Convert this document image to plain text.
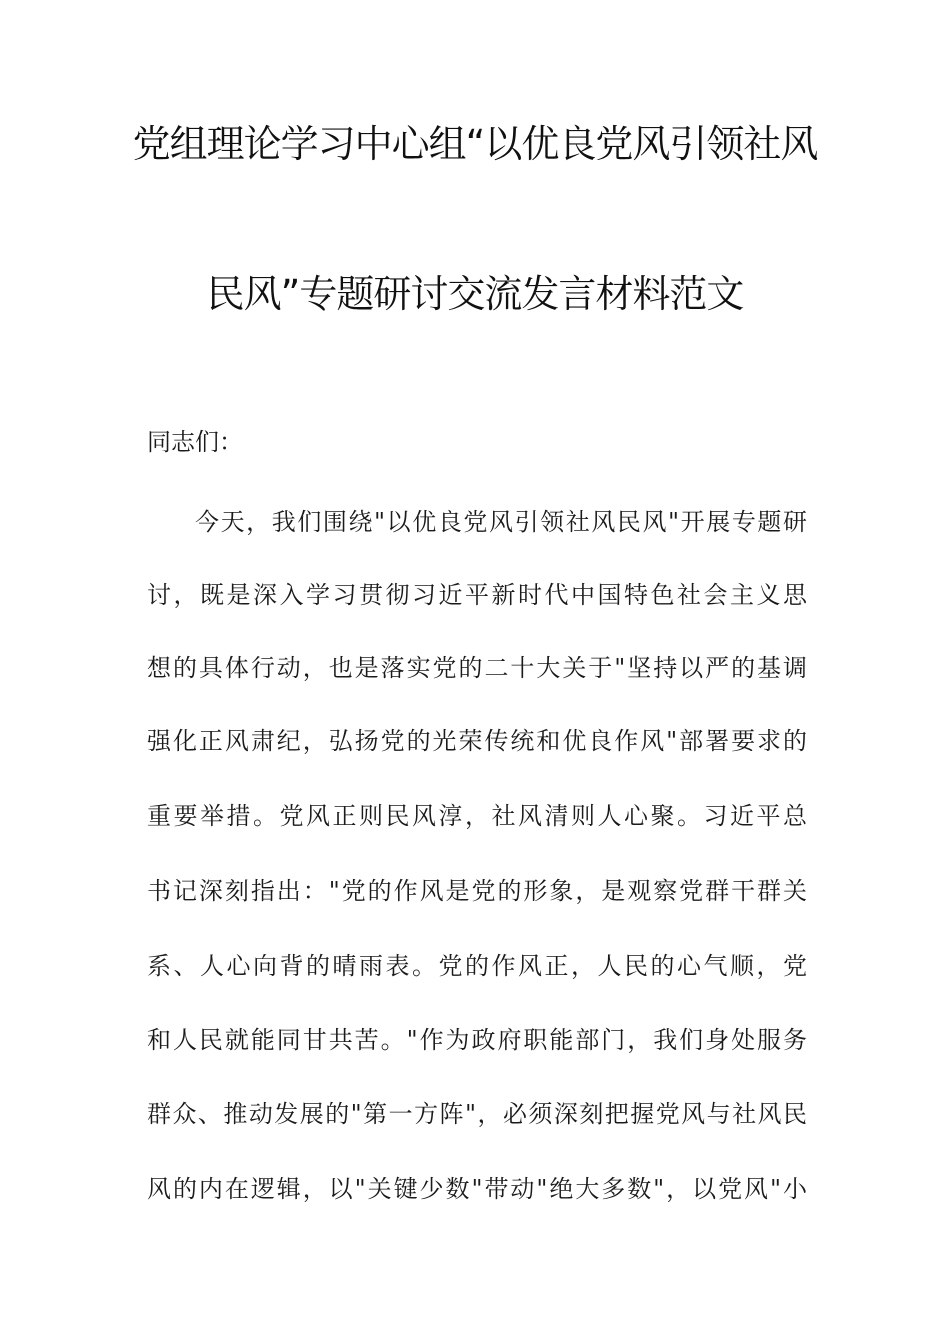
党组理论学习中心组“以优良党风引领社风
民风”专题研讨交流发言材料范文
同志们：
今天，我们围绕"以优良党风引领社风民风"开展专题研
讨，既是深入学习贯彻习近平新时代中国特色社会主义思
想的具体行动，也是落实党的二十大关于"坚持以严的基调
强化正风肃纪，弘扬党的光荣传统和优良作风"部署要求的
重要举措。党风正则民风淳，社风清则人心聚。习近平总
书记深刻指出："党的作风是党的形象，是观察党群干群关
系、人心向背的晴雨表。党的作风正，人民的心气顺，党
和人民就能同甘共苦。"作为政府职能部门，我们身处服务
群众、推动发展的"第一方阵"，必须深刻把握党风与社风民
风的内在逻辑，以"关键少数"带动"绝大多数"，以党风"小
